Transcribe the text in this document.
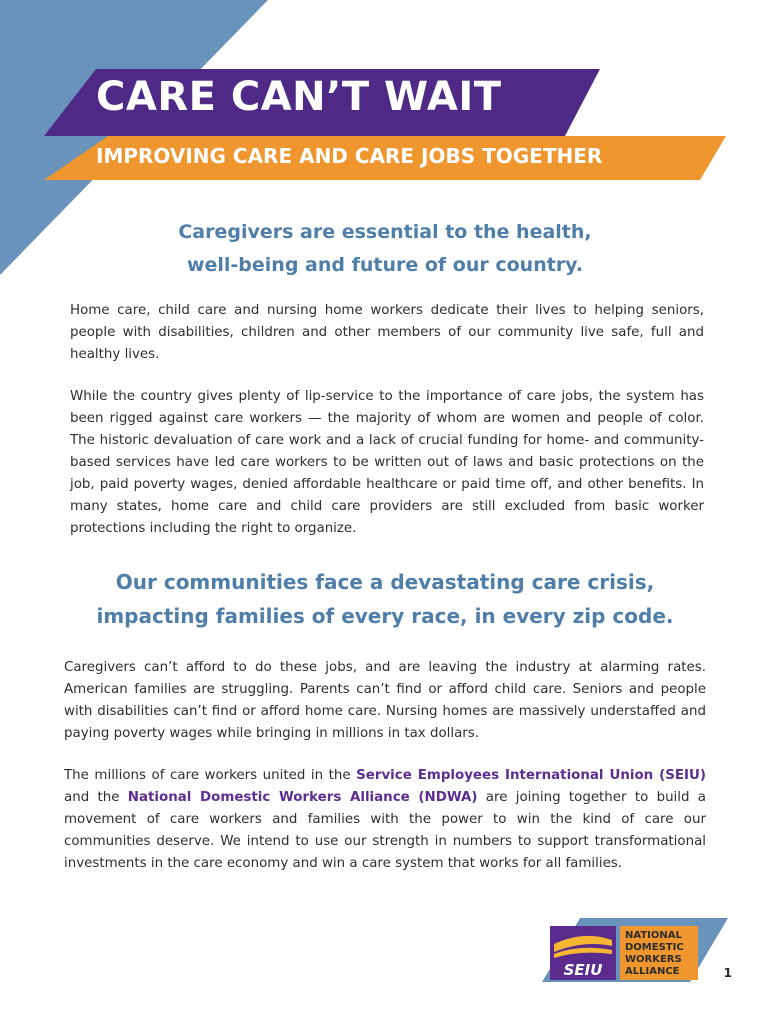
CARE CAN’T WAIT
IMPROVING CARE AND CARE JOBS TOGETHER
Caregivers are essential to the health,
well-being and future of our country.

Home care, child care and nursing home workers dedicate their lives to helping seniors, people with disabilities, children and other members of our community live safe, full and healthy lives.

While the country gives plenty of lip-service to the importance of care jobs, the system has been rigged against care workers — the majority of whom are women and people of color. The historic devaluation of care work and a lack of crucial funding for home- and community-based services have led care workers to be written out of laws and basic protections on the job, paid poverty wages, denied affordable healthcare or paid time off, and other benefits. In many states, home care and child care providers are still excluded from basic worker protections including the right to organize.

Our communities face a devastating care crisis,
impacting families of every race, in every zip code.

Caregivers can’t afford to do these jobs, and are leaving the industry at alarming rates. American families are struggling. Parents can’t find or afford child care. Seniors and people with disabilities can’t find or afford home care. Nursing homes are massively understaffed and paying poverty wages while bringing in millions in tax dollars.

The millions of care workers united in the Service Employees International Union (SEIU) and the National Domestic Workers Alliance (NDWA) are joining together to build a movement of care workers and families with the power to win the kind of care our communities deserve. We intend to use our strength in numbers to support transformational investments in the care economy and win a care system that works for all families.

SEIU
NATIONAL
DOMESTIC
WORKERS
ALLIANCE	1
